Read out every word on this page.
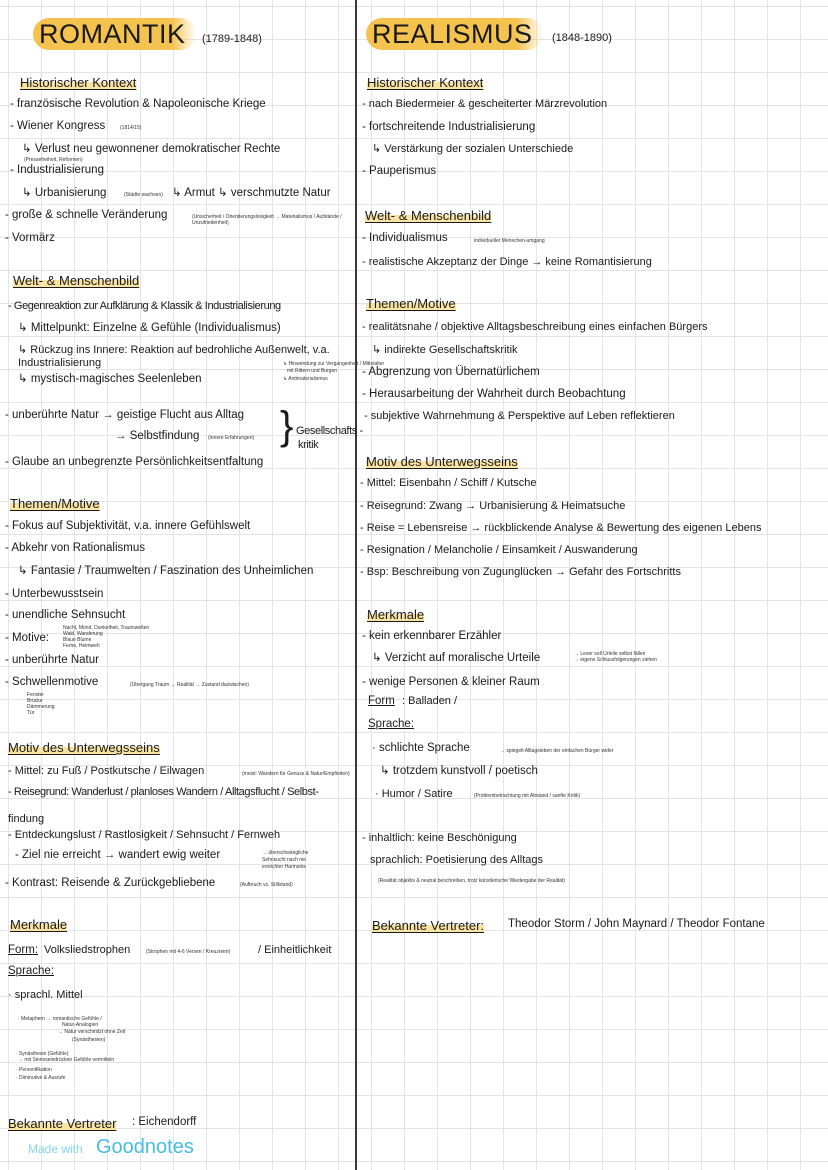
ROMANTIK	(1789-1848)
Historischer Kontext
- französische Revolution & Napoleonische Kriege
- Wiener Kongress
↳ Verlust neu gewonnener demokratischer Rechte
- Industrialisierung
↳ Urbanisierung	↳ Armut ↳ verschmutzte Natur
- große & schnelle Veränderung
- Vormärz
(1814/15)
(Pressefreiheit, Reformen)
(Städte wachsen)
(Unsicherheit / Orientierungslosigkeit → Materialismus / Aufstände / Unzufriedenheit)
Welt- & Menschenbild
- Gegenreaktion zur Aufklärung & Klassik & Industrialisierung
↳ Mittelpunkt: Einzelne & Gefühle (Individualismus)
↳ Rückzug ins Innere: Reaktion auf bedrohliche Außenwelt, v.a. Industrialisierung
↳ mystisch-magisches Seelenleben
- unberührte Natur → geistige Flucht aus Alltag
→ Selbstfindung
- Glaube an unbegrenzte Persönlichkeitsentfaltung
↳ Hinwendung zur Vergangenheit / Mittelalter
mit Rittern und Burgen
↳ Antimaterialismus
(innere Erfahrungen)
Gesellschafts -
kritik
Themen/Motive
- Fokus auf Subjektivität, v.a. innere Gefühlswelt
- Abkehr von Rationalismus
↳ Fantasie / Traumwelten / Faszination des Unheimlichen
- Unterbewusstsein
- unendliche Sehnsucht
- Motive:
- unberührte Natur
- Schwellenmotive
Nacht, Mond, Dunkelheit, Traumwelten
Wald, Wanderung
Blaue Blume
Ferne, Heimweh
(Übergang Traum ↔ Realität → Zustand dazwischen)
Fenster
Brücke
Dämmerung
Tür
Motiv des Unterwegsseins
- Mittel: zu Fuß / Postkutsche / Eilwagen
- Reisegrund: Wanderlust / planloses Wandern / Alltagsflucht / Selbst-
findung
- Entdeckungslust / Rastlosigkeit / Sehnsucht / Fernweh
- Ziel nie erreicht → wandert ewig weiter
- Kontrast: Reisende & Zurückgebliebene
(meist: Wandern für Genuss & Natur/Empfinden)
→ überschwängliche
Sehnsucht nach nie
erreichter Harmonie
(Aufbruch vs. Stillstand)
Merkmale
Form: Volksliedstrophen	(Strophen mit 4-6 Versen / Kreuzreim)	/ Einheitlichkeit
Sprache:
· sprachl. Mittel
· Metaphern → romantische Gefühle /
Natur-Analogien
→ Natur verschmilzt ohne Zeit
(Synästhesien)
· Synästhesie (Gefühle)
→ mit Sinneseindrücken Gefühle vermitteln
· Personifikation
· Diminutive & Ausrufe
Bekannte Vertreter : Eichendorff
Made with Goodnotes
REALISMUS	(1848-1890)
Historischer Kontext
- nach Biedermeier & gescheiterter Märzrevolution
- fortschreitende Industrialisierung
↳ Verstärkung der sozialen Unterschiede
- Pauperismus
Welt- & Menschenbild
- Individualismus	individueller Menschen-umgang
- realistische Akzeptanz der Dinge → keine Romantisierung
Themen/Motive
- realitätsnahe / objektive Alltagsbeschreibung eines einfachen Bürgers
↳ indirekte Gesellschaftskritik
- Abgrenzung von Übernatürlichem
- Herausarbeitung der Wahrheit durch Beobachtung
- subjektive Wahrnehmung & Perspektive auf Leben reflektieren
Motiv des Unterwegsseins
- Mittel: Eisenbahn / Schiff / Kutsche
- Reisegrund: Zwang → Urbanisierung & Heimatsuche
- Reise = Lebensreise → rückblickende Analyse & Bewertung des eigenen Lebens
- Resignation / Melancholie / Einsamkeit / Auswanderung
- Bsp: Beschreibung von Zugunglücken → Gefahr des Fortschritts
Merkmale
- kein erkennbarer Erzähler
↳ Verzicht auf moralische Urteile	→ Leser soll Urteile selbst fällen
→ eigene Schlussfolgerungen ziehen
- wenige Personen & kleiner Raum
Form : Balladen /
Sprache:
· schlichte Sprache	→ spiegelt Alltagsleben der einfachen Bürger wider
↳ trotzdem kunstvoll / poetisch
· Humor / Satire	(Problembetrachtung mit Abstand / sanfte Kritik)
- inhaltlich: keine Beschönigung
sprachlich: Poetisierung des Alltags
(Realität objektiv & neutral beschreiben, trotz künstlerische Wiedergabe der Realität)
Bekannte Vertreter: Theodor Storm / John Maynard / Theodor Fontane
}
